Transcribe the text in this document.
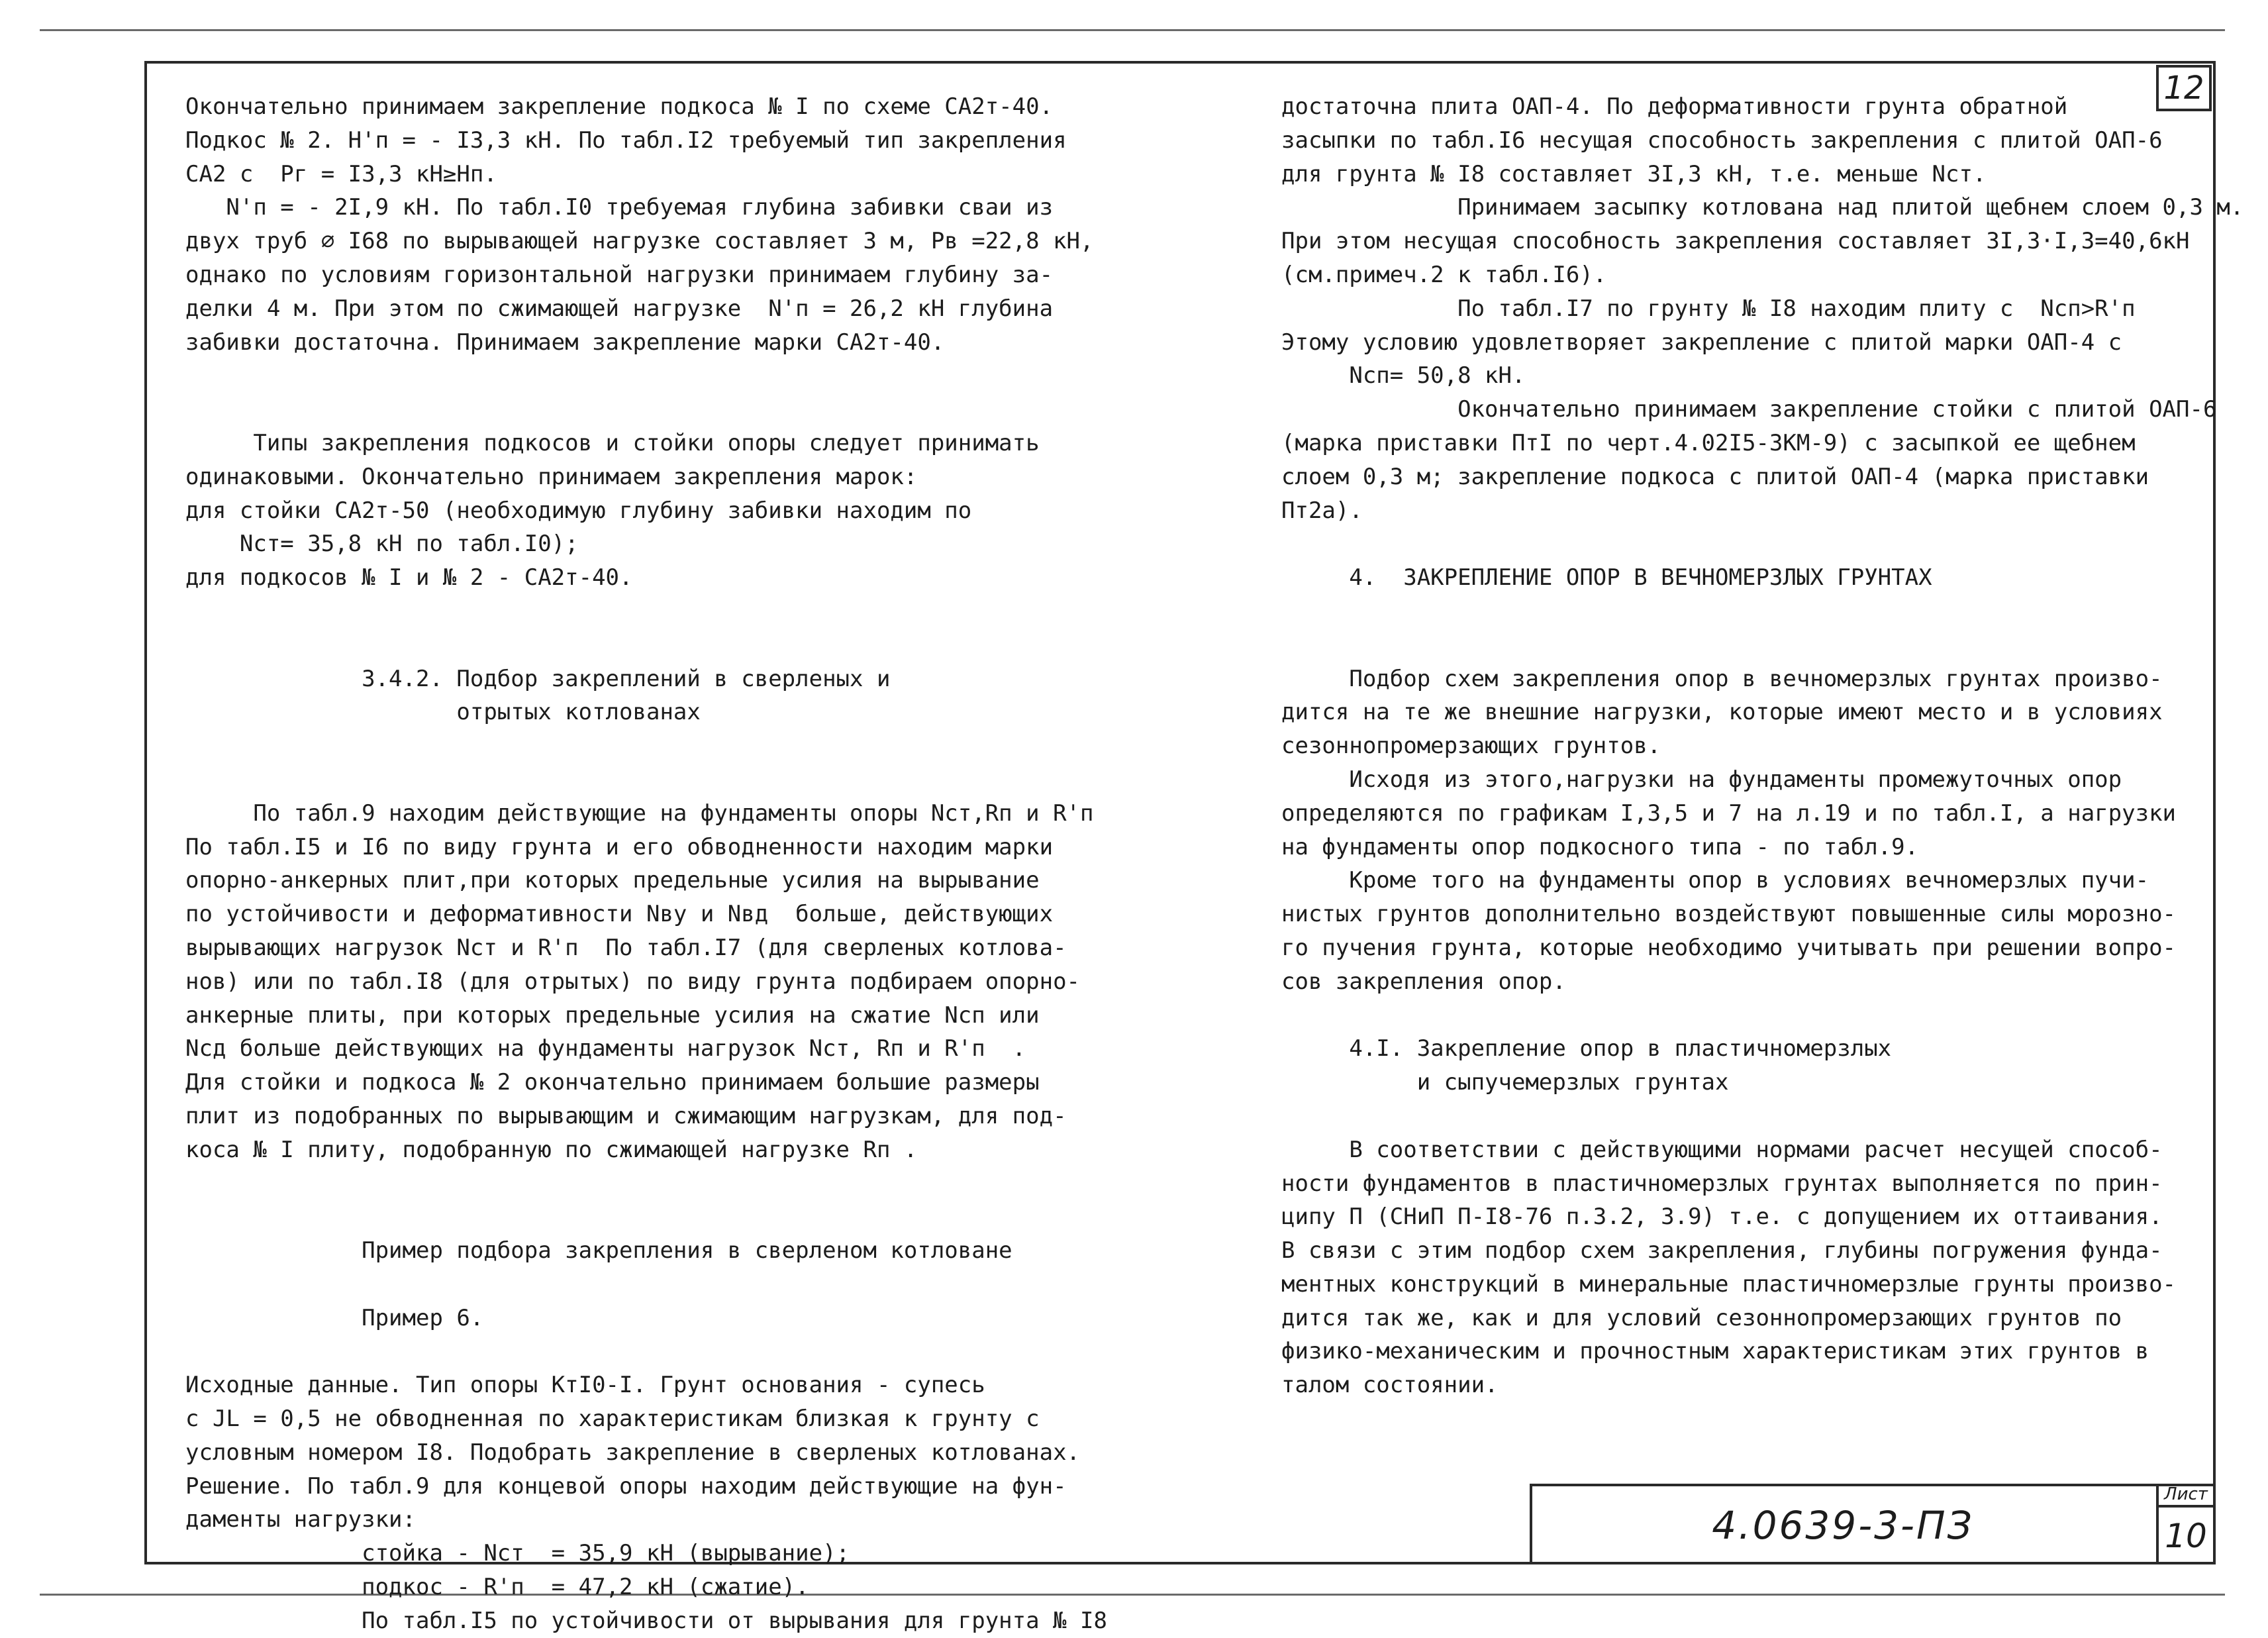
12
Окончательно принимаем закрепление подкоса № I по схеме СА2т-40.
Подкос № 2. H'п = - I3,3 кН. По табл.I2 требуемый тип закрепления
СА2 с  Pг = I3,3 кН≥Hп.
N'п = - 2I,9 кН. По табл.I0 требуемая глубина забивки сваи из
двух труб ∅ I68 по вырывающей нагрузке составляет 3 м, Pв =22,8 кН,
однако по условиям горизонтальной нагрузки принимаем глубину за-
делки 4 м. При этом по сжимающей нагрузке  N'п = 26,2 кН глубина
забивки достаточна. Принимаем закрепление марки СА2т-40.
Типы закрепления подкосов и стойки опоры следует принимать
одинаковыми. Окончательно принимаем закрепления марок:
для стойки СА2т-50 (необходимую глубину забивки находим по
Nст= 35,8 кН по табл.I0);
для подкосов № I и № 2 - СА2т-40.
3.4.2. Подбор закреплений в сверленых и
отрытых котлованах
По табл.9 находим действующие на фундаменты опоры Nст,Rп и R'п
По табл.I5 и I6 по виду грунта и его обводненности находим марки
опорно-анкерных плит,при которых предельные усилия на вырывание
по устойчивости и деформативности Nву и Nвд  больше, действующих
вырывающих нагрузок Nст и R'п  По табл.I7 (для сверленых котлова-
нов) или по табл.I8 (для отрытых) по виду грунта подбираем опорно-
анкерные плиты, при которых предельные усилия на сжатие Nсп или
Nсд больше действующих на фундаменты нагрузок Nст, Rп и R'п  .
Для стойки и подкоса № 2 окончательно принимаем большие размеры
плит из подобранных по вырывающим и сжимающим нагрузкам, для под-
коса № I плиту, подобранную по сжимающей нагрузке Rп .
Пример подбора закрепления в сверленом котловане
Пример 6.
Исходные данные. Тип опоры КтI0-I. Грунт основания - супесь
с JL = 0,5 не обводненная по характеристикам близкая к грунту с
условным номером I8. Подобрать закрепление в сверленых котлованах.
Решение. По табл.9 для концевой опоры находим действующие на фун-
даменты нагрузки:
стойка - Nст  = 35,9 кН (вырывание);
подкос - R'п  = 47,2 кН (сжатие).
По табл.I5 по устойчивости от вырывания для грунта № I8
достаточна плита ОАП-4. По деформативности грунта обратной
засыпки по табл.I6 несущая способность закрепления с плитой ОАП-6
для грунта № I8 составляет 3I,3 кН, т.е. меньше Nст.
Принимаем засыпку котлована над плитой щебнем слоем 0,3 м.
При этом несущая способность закрепления составляет 3I,3·I,3=40,6кН
(см.примеч.2 к табл.I6).
По табл.I7 по грунту № I8 находим плиту с  Nсп>R'п
Этому условию удовлетворяет закрепление с плитой марки ОАП-4 с
Nсп= 50,8 кН.
Окончательно принимаем закрепление стойки с плитой ОАП-6
(марка приставки ПтI по черт.4.02I5-3КМ-9) с засыпкой ее щебнем
слоем 0,3 м; закрепление подкоса с плитой ОАП-4 (марка приставки
Пт2а).
4.  ЗАКРЕПЛЕНИЕ ОПОР В ВЕЧНОМЕРЗЛЫХ ГРУНТАХ
Подбор схем закрепления опор в вечномерзлых грунтах произво-
дится на те же внешние нагрузки, которые имеют место и в условиях
сезоннопромерзающих грунтов.
Исходя из этого,нагрузки на фундаменты промежуточных опор
определяются по графикам I,3,5 и 7 на л.19 и по табл.I, а нагрузки
на фундаменты опор подкосного типа - по табл.9.
Кроме того на фундаменты опор в условиях вечномерзлых пучи-
нистых грунтов дополнительно воздействуют повышенные силы морозно-
го пучения грунта, которые необходимо учитывать при решении вопро-
сов закрепления опор.
4.I. Закрепление опор в пластичномерзлых
и сыпучемерзлых грунтах
В соответствии с действующими нормами расчет несущей способ-
ности фундаментов в пластичномерзлых грунтах выполняется по прин-
ципу П (СНиП П-I8-76 п.3.2, 3.9) т.е. с допущением их оттаивания.
В связи с этим подбор схем закрепления, глубины погружения фунда-
ментных конструкций в минеральные пластичномерзлые грунты произво-
дится так же, как и для условий сезоннопромерзающих грунтов по
физико-механическим и прочностным характеристикам этих грунтов в
талом состоянии.
4.0639-3-ПЗ
Лист
10
